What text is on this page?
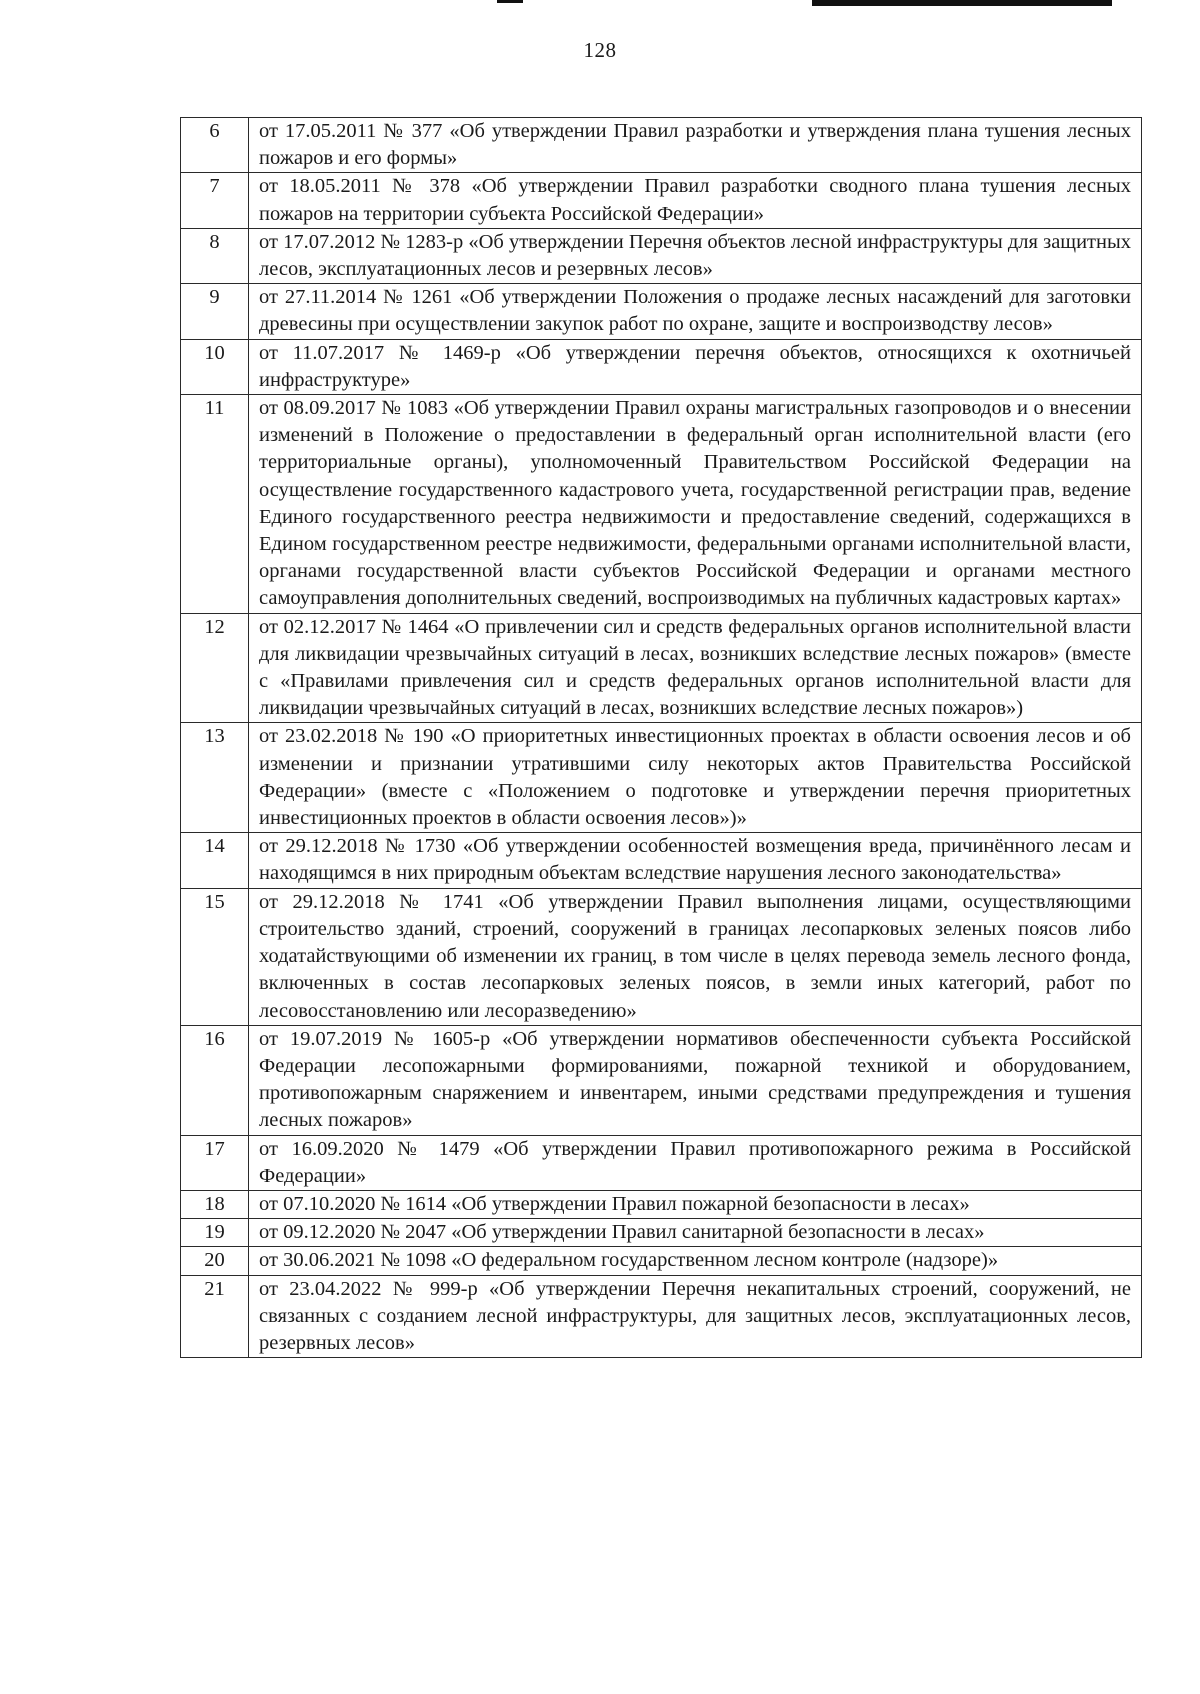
128
6	от 17.05.2011 № 377 «Об утверждении Правил разработки и утверждения плана тушения лесных пожаров и его формы»
7	от 18.05.2011 № 378 «Об утверждении Правил разработки сводного плана тушения лесных пожаров на территории субъекта Российской Федерации»
8	от 17.07.2012 № 1283-р «Об утверждении Перечня объектов лесной инфраструктуры для защитных лесов, эксплуатационных лесов и резервных лесов»
9	от 27.11.2014 № 1261 «Об утверждении Положения о продаже лесных насаждений для заготовки древесины при осуществлении закупок работ по охране, защите и воспроизводству лесов»
10	от 11.07.2017 № 1469-р «Об утверждении перечня объектов, относящихся к охотничьей инфраструктуре»
11	от 08.09.2017 № 1083 «Об утверждении Правил охраны магистральных газопроводов и о внесении изменений в Положение о предоставлении в федеральный орган исполнительной власти (его территориальные органы), уполномоченный Правительством Российской Федерации на осуществление государственного кадастрового учета, государственной регистрации прав, ведение Единого государственного реестра недвижимости и предоставление сведений, содержащихся в Едином государственном реестре недвижимости, федеральными органами исполнительной власти, органами государственной власти субъектов Российской Федерации и органами местного самоуправления дополнительных сведений, воспроизводимых на публичных кадастровых картах»
12	от 02.12.2017 № 1464 «О привлечении сил и средств федеральных органов исполнительной власти для ликвидации чрезвычайных ситуаций в лесах, возникших вследствие лесных пожаров» (вместе с «Правилами привлечения сил и средств федеральных органов исполнительной власти для ликвидации чрезвычайных ситуаций в лесах, возникших вследствие лесных пожаров»)
13	от 23.02.2018 № 190 «О приоритетных инвестиционных проектах в области освоения лесов и об изменении и признании утратившими силу некоторых актов Правительства Российской Федерации» (вместе с «Положением о подготовке и утверждении перечня приоритетных инвестиционных проектов в области освоения лесов»)»
14	от 29.12.2018 № 1730 «Об утверждении особенностей возмещения вреда, причинённого лесам и находящимся в них природным объектам вследствие нарушения лесного законодательства»
15	от 29.12.2018 № 1741 «Об утверждении Правил выполнения лицами, осуществляющими строительство зданий, строений, сооружений в границах лесопарковых зеленых поясов либо ходатайствующими об изменении их границ, в том числе в целях перевода земель лесного фонда, включенных в состав лесопарковых зеленых поясов, в земли иных категорий, работ по лесовосстановлению или лесоразведению»
16	от 19.07.2019 № 1605-р «Об утверждении нормативов обеспеченности субъекта Российской Федерации лесопожарными формированиями, пожарной техникой и оборудованием, противопожарным снаряжением и инвентарем, иными средствами предупреждения и тушения лесных пожаров»
17	от 16.09.2020 № 1479 «Об утверждении Правил противопожарного режима в Российской Федерации»
18	от 07.10.2020 № 1614 «Об утверждении Правил пожарной безопасности в лесах»
19	от 09.12.2020 № 2047 «Об утверждении Правил санитарной безопасности в лесах»
20	от 30.06.2021 № 1098 «О федеральном государственном лесном контроле (надзоре)»
21	от 23.04.2022 № 999-р «Об утверждении Перечня некапитальных строений, сооружений, не связанных с созданием лесной инфраструктуры, для защитных лесов, эксплуатационных лесов, резервных лесов»
